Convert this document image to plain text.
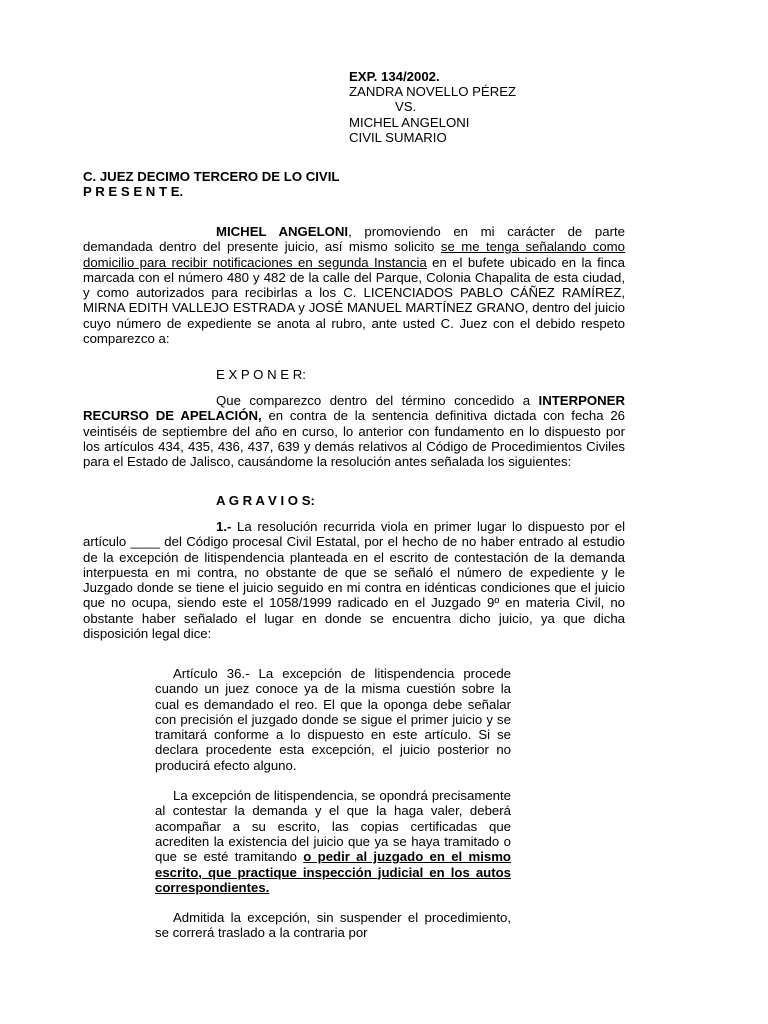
EXP. 134/2002.
ZANDRA NOVELLO PÉREZ
VS.
MICHEL ANGELONI
CIVIL SUMARIO
C. JUEZ DECIMO TERCERO DE LO CIVIL
P R E S E N T E.
MICHEL ANGELONI, promoviendo en mi carácter de parte demandada dentro del presente juicio, así mismo solicito se me tenga señalando como domicilio para recibir notificaciones en segunda Instancia en el bufete ubicado en la finca marcada con el número 480 y 482 de la calle del Parque, Colonia Chapalita de esta ciudad, y como autorizados para recibirlas a los C. LICENCIADOS PABLO CÁÑEZ RAMÍREZ, MIRNA EDITH VALLEJO ESTRADA y JOSÉ MANUEL MARTÍNEZ GRANO, dentro del juicio cuyo número de expediente se anota al rubro, ante usted C. Juez con el debido respeto comparezco a:
E X P O N E R:
Que comparezco dentro del término concedido a INTERPONER RECURSO DE APELACIÓN, en contra de la sentencia definitiva dictada con fecha 26 veintiséis de septiembre del año en curso, lo anterior con fundamento en lo dispuesto por los artículos 434, 435, 436, 437, 639 y demás relativos al Código de Procedimientos Civiles para el Estado de Jalisco, causándome la resolución antes señalada los siguientes:
A G R A V I O S:
1.- La resolución recurrida viola en primer lugar lo dispuesto por el artículo ____ del Código procesal Civil Estatal, por el hecho de no haber entrado al estudio de la excepción de litispendencia planteada en el escrito de contestación de la demanda interpuesta en mi contra, no obstante de que se señaló el número de expediente y le Juzgado donde se tiene el juicio seguido en mi contra en idénticas condiciones que el juicio que no ocupa, siendo este el 1058/1999 radicado en el Juzgado 9º en materia Civil, no obstante haber señalado el lugar en donde se encuentra dicho juicio, ya que dicha disposición legal dice:

Artículo 36.- La excepción de litispendencia procede cuando un juez conoce ya de la misma cuestión sobre la cual es demandado el reo. El que la oponga debe señalar con precisión el juzgado donde se sigue el primer juicio y se tramitará conforme a lo dispuesto en este artículo. Si se declara procedente esta excepción, el juicio posterior no producirá efecto alguno.

La excepción de litispendencia, se opondrá precisamente al contestar la demanda y el que la haga valer, deberá acompañar a su escrito, las copias certificadas que acrediten la existencia del juicio que ya se haya tramitado o que se esté tramitando o pedir al juzgado en el mismo escrito, que practique inspección judicial en los autos correspondientes.

Admitida la excepción, sin suspender el procedimiento, se correrá traslado a la contraria por
